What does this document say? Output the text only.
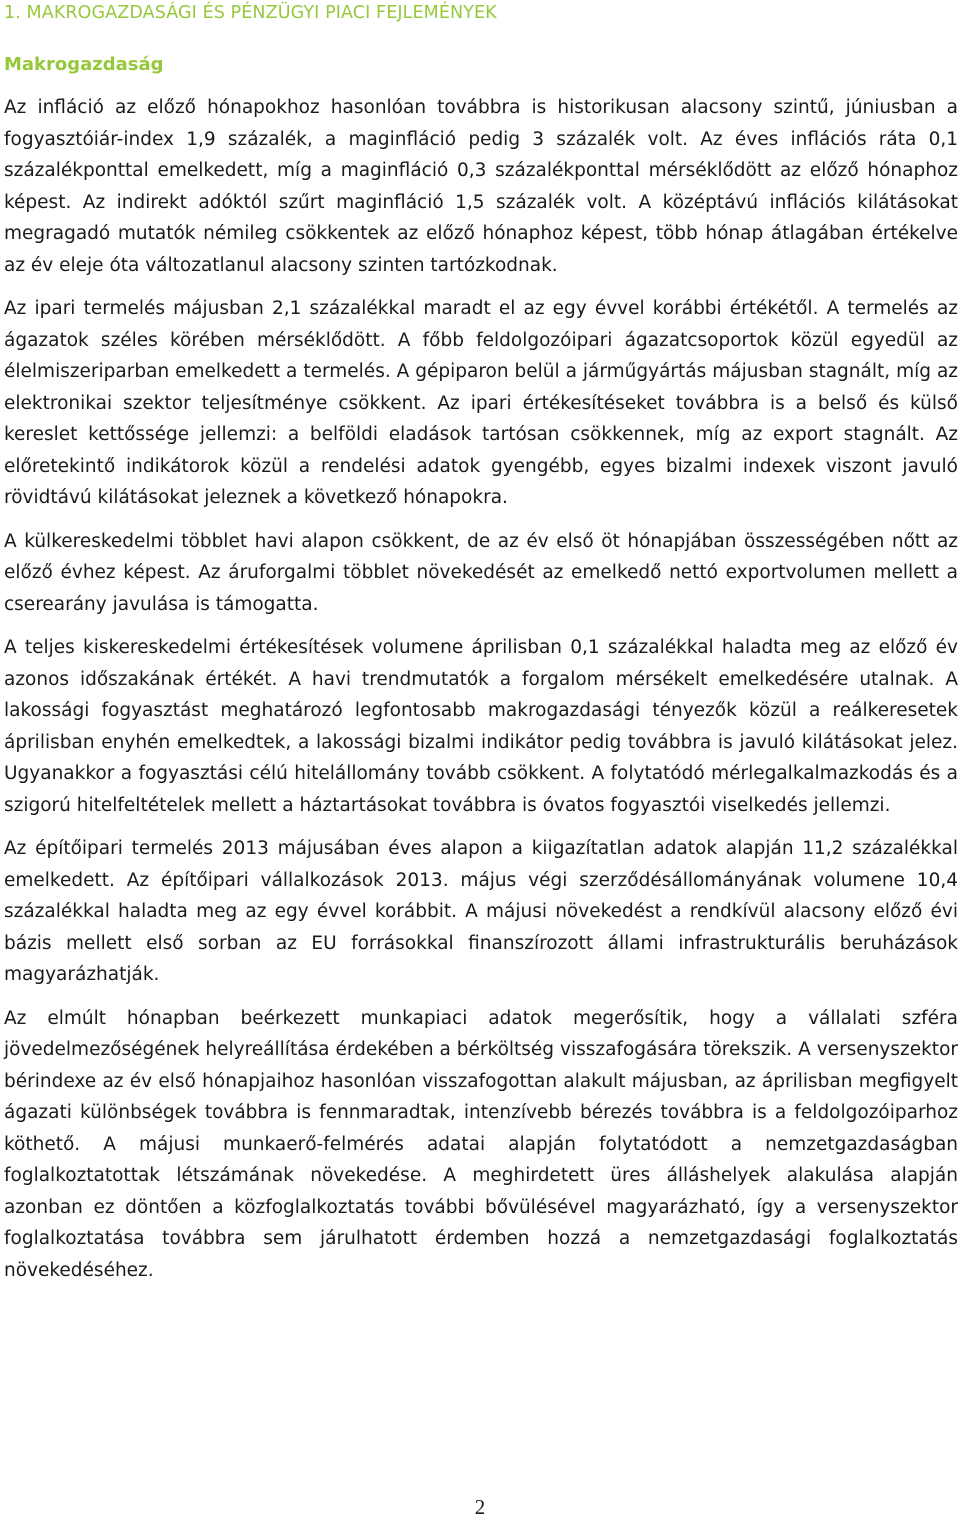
1. MAKROGAZDASÁGI ÉS PÉNZÜGYI PIACI FEJLEMÉNYEK
Makrogazdaság

Az infláció az előző hónapokhoz hasonlóan továbbra is historikusan alacsony szintű, júniusban a fogyasztóiár-index 1,9 százalék, a maginfláció pedig 3 százalék volt. Az éves inflációs ráta 0,1 százalékponttal emelkedett, míg a maginfláció 0,3 százalékponttal mérséklődött az előző hónaphoz képest. Az indirekt adóktól szűrt maginfláció 1,5 százalék volt. A középtávú inflációs kilátásokat megragadó mutatók némileg csökkentek az előző hónaphoz képest, több hónap átlagában értékelve az év eleje óta változatlanul alacsony szinten tartózkodnak.

Az ipari termelés májusban 2,1 százalékkal maradt el az egy évvel korábbi értékétől. A termelés az ágazatok széles körében mérséklődött. A főbb feldolgozóipari ágazatcsoportok közül egyedül az élelmiszeriparban emelkedett a termelés. A gépiparon belül a járműgyártás májusban stagnált, míg az elektronikai szektor teljesítménye csökkent. Az ipari értékesítéseket továbbra is a belső és külső kereslet kettőssége jellemzi: a belföldi eladások tartósan csökkennek, míg az export stagnált. Az előretekintő indikátorok közül a rendelési adatok gyengébb, egyes bizalmi indexek viszont javuló rövidtávú kilátásokat jeleznek a következő hónapokra.

A külkereskedelmi többlet havi alapon csökkent, de az év első öt hónapjában összességében nőtt az előző évhez képest. Az áruforgalmi többlet növekedését az emelkedő nettó exportvolumen mellett a cserearány javulása is támogatta.

A teljes kiskereskedelmi értékesítések volumene áprilisban 0,1 százalékkal haladta meg az előző év azonos időszakának értékét. A havi trendmutatók a forgalom mérsékelt emelkedésére utalnak. A lakossági fogyasztást meghatározó legfontosabb makrogazdasági tényezők közül a reálkeresetek áprilisban enyhén emelkedtek, a lakossági bizalmi indikátor pedig továbbra is javuló kilátásokat jelez. Ugyanakkor a fogyasztási célú hitelállomány tovább csökkent. A folytatódó mérlegalkalmazkodás és a szigorú hitelfeltételek mellett a háztartásokat továbbra is óvatos fogyasztói viselkedés jellemzi.

Az építőipari termelés 2013 májusában éves alapon a kiigazítatlan adatok alapján 11,2 százalékkal emelkedett. Az építőipari vállalkozások 2013. május végi szerződésállományának volumene 10,4 százalékkal haladta meg az egy évvel korábbit. A májusi növekedést a rendkívül alacsony előző évi bázis mellett első sorban az EU forrásokkal finanszírozott állami infrastrukturális beruházások magyarázhatják.

Az elmúlt hónapban beérkezett munkapiaci adatok megerősítik, hogy a vállalati szféra jövedelmezőségének helyreállítása érdekében a bérköltség visszafogására törekszik. A versenyszektor bérindexe az év első hónapjaihoz hasonlóan visszafogottan alakult májusban, az áprilisban megfigyelt ágazati különbségek továbbra is fennmaradtak, intenzívebb bérezés továbbra is a feldolgozóiparhoz köthető. A májusi munkaerő-felmérés adatai alapján folytatódott a nemzetgazdaságban foglalkoztatottak létszámának növekedése. A meghirdetett üres álláshelyek alakulása alapján azonban ez döntően a közfoglalkoztatás további bővülésével magyarázható, így a versenyszektor foglalkoztatása továbbra sem járulhatott érdemben hozzá a nemzetgazdasági foglalkoztatás növekedéséhez.

2
